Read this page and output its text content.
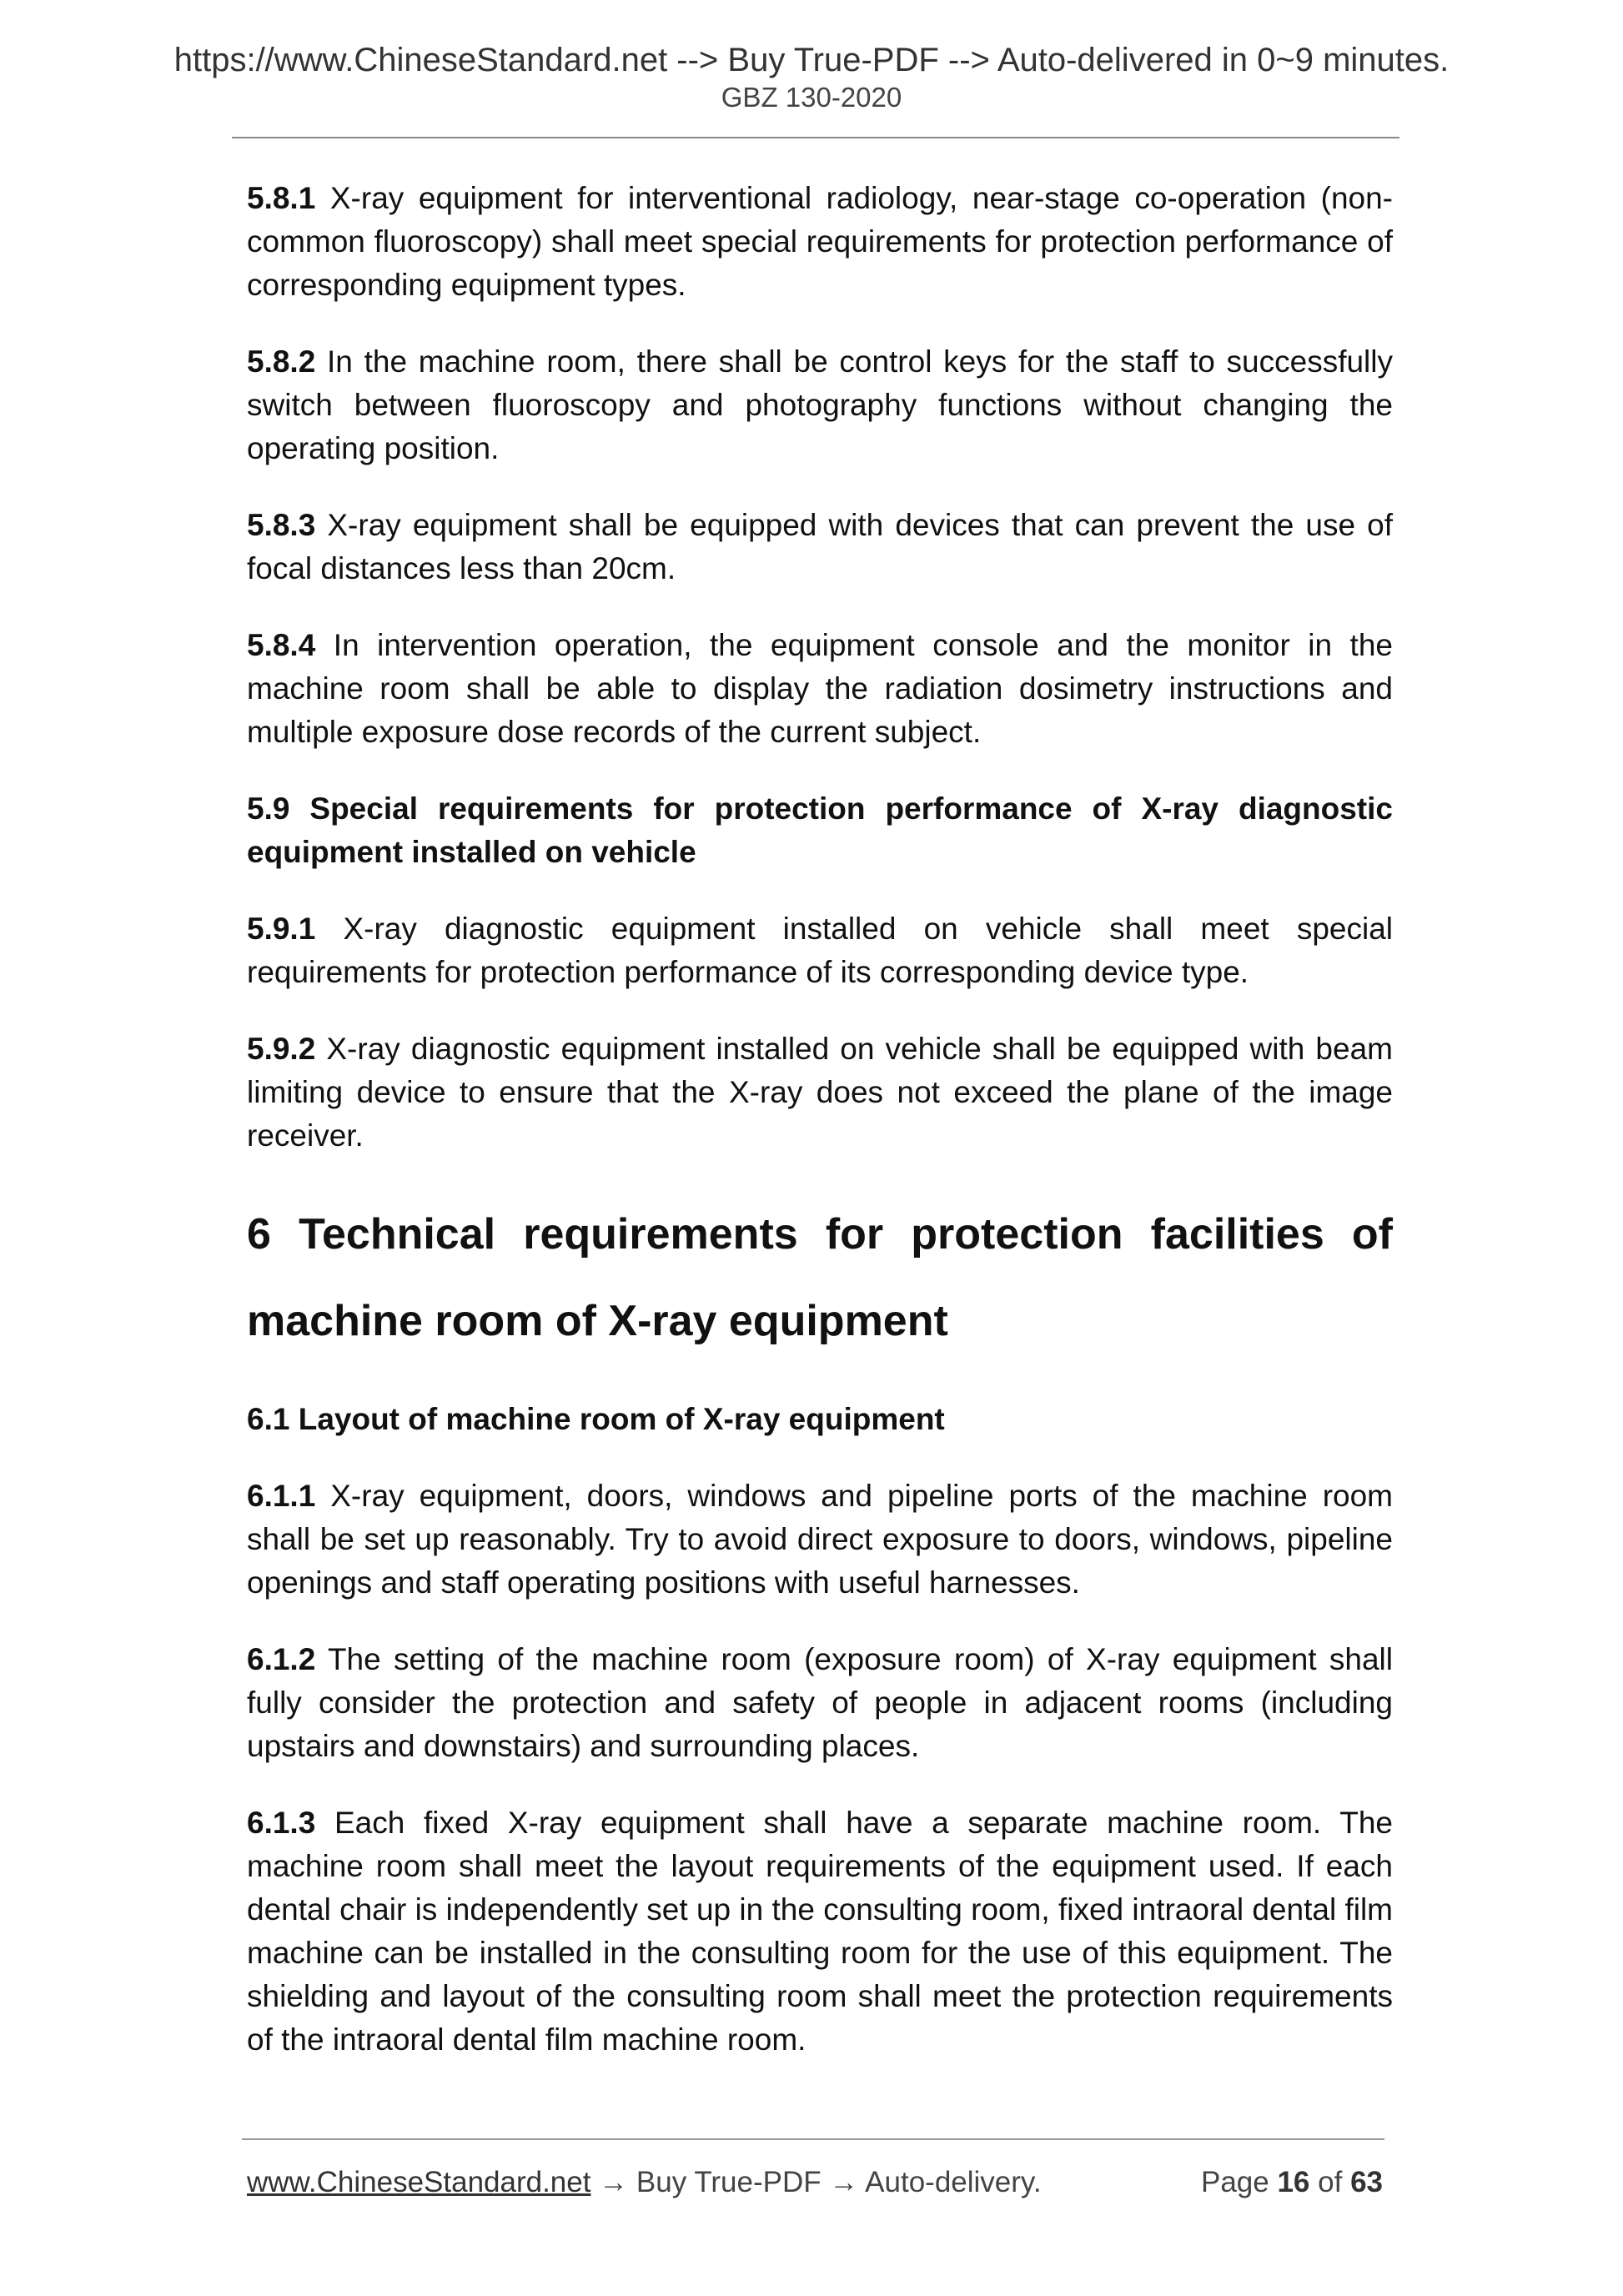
https://www.ChineseStandard.net --> Buy True-PDF --> Auto-delivered in 0~9 minutes.
GBZ 130-2020

5.8.1 X-ray equipment for interventional radiology, near-stage co-operation (non-common fluoroscopy) shall meet special requirements for protection performance of corresponding equipment types.

5.8.2 In the machine room, there shall be control keys for the staff to successfully switch between fluoroscopy and photography functions without changing the operating position.

5.8.3 X-ray equipment shall be equipped with devices that can prevent the use of focal distances less than 20cm.

5.8.4 In intervention operation, the equipment console and the monitor in the machine room shall be able to display the radiation dosimetry instructions and multiple exposure dose records of the current subject.

5.9 Special requirements for protection performance of X-ray diagnostic equipment installed on vehicle

5.9.1 X-ray diagnostic equipment installed on vehicle shall meet special requirements for protection performance of its corresponding device type.

5.9.2 X-ray diagnostic equipment installed on vehicle shall be equipped with beam limiting device to ensure that the X-ray does not exceed the plane of the image receiver.

6 Technical requirements for protection facilities of machine room of X-ray equipment

6.1 Layout of machine room of X-ray equipment

6.1.1 X-ray equipment, doors, windows and pipeline ports of the machine room shall be set up reasonably. Try to avoid direct exposure to doors, windows, pipeline openings and staff operating positions with useful harnesses.

6.1.2 The setting of the machine room (exposure room) of X-ray equipment shall fully consider the protection and safety of people in adjacent rooms (including upstairs and downstairs) and surrounding places.

6.1.3 Each fixed X-ray equipment shall have a separate machine room. The machine room shall meet the layout requirements of the equipment used. If each dental chair is independently set up in the consulting room, fixed intraoral dental film machine can be installed in the consulting room for the use of this equipment. The shielding and layout of the consulting room shall meet the protection requirements of the intraoral dental film machine room.

www.ChineseStandard.net → Buy True-PDF → Auto-delivery.	Page 16 of 63
